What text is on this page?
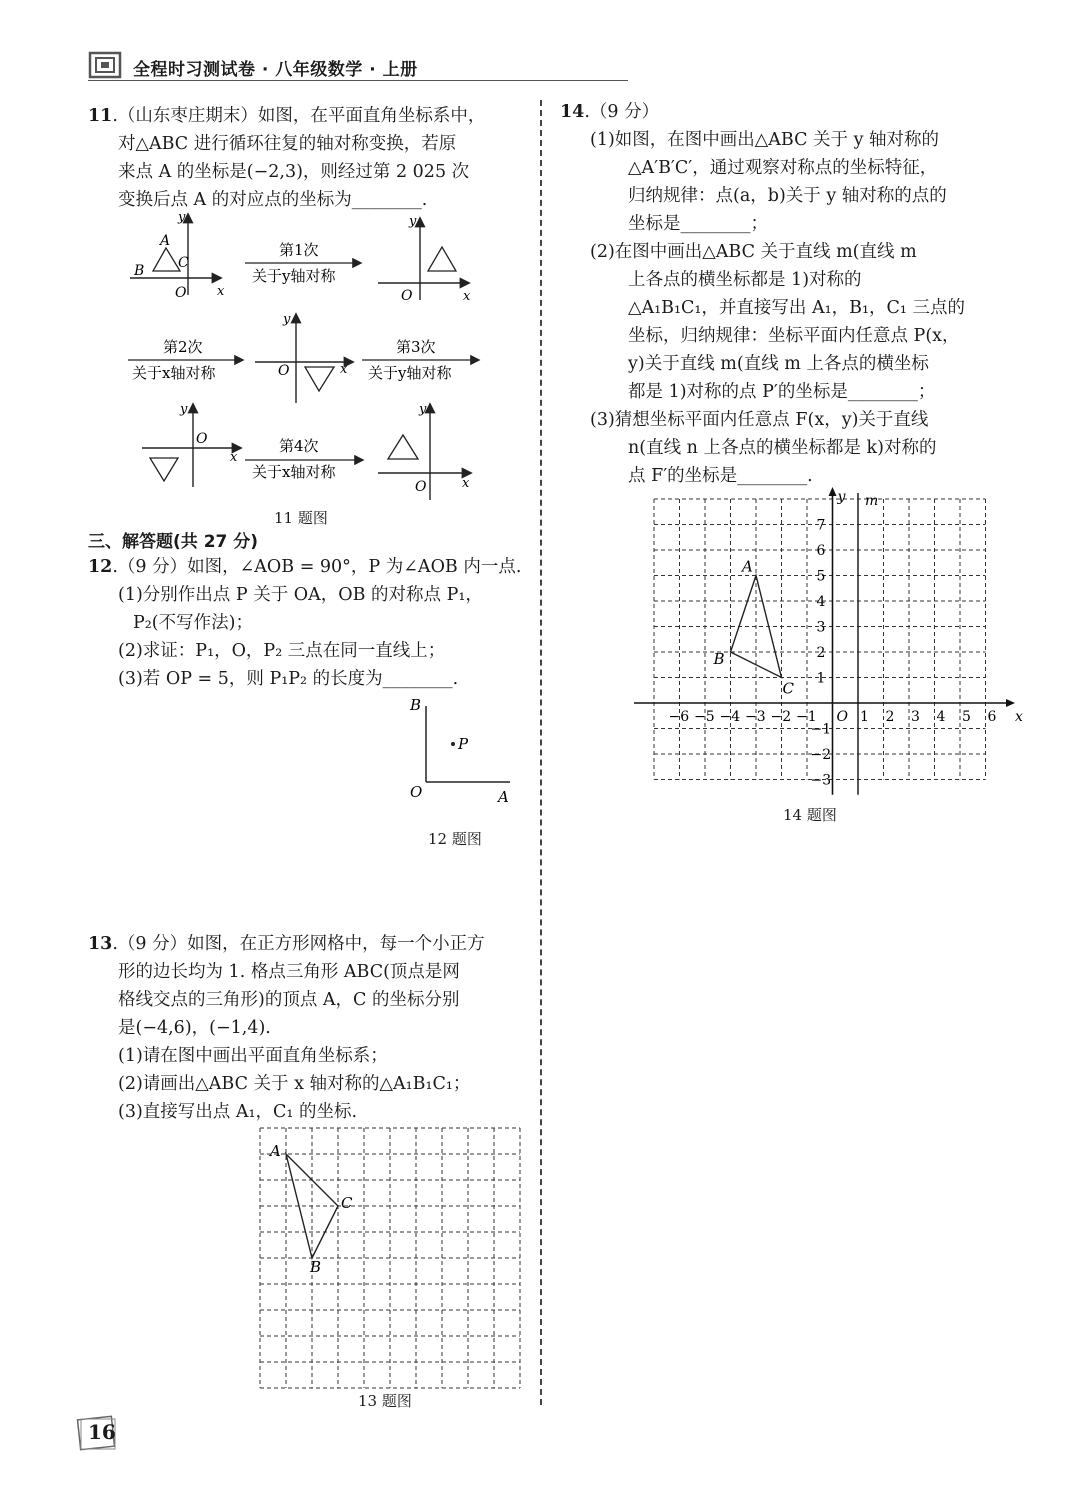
全程时习测试卷 · 八年级数学 · 上册

11.（山东枣庄期末）如图，在平面直角坐标系中，

对△ABC 进行循环往复的轴对称变换，若原

来点 A 的坐标是(−2,3)，则经过第 2 025 次

变换后点 A 的对应点的坐标为________.

y
x
O
A
B C
第1次
关于y轴对称
y
x
O
第2次
关于x轴对称
y
x
O
第3次
关于y轴对称
y
x
O	第4次
关于x轴对称
y
x
O
11 题图
三、解答题(共 27 分)

12.（9 分）如图，∠AOB = 90°，P 为∠AOB 内一点.

(1)分别作出点 P 关于 OA，OB 的对称点 P₁，

P₂(不写作法)；

(2)求证：P₁，O，P₂ 三点在同一直线上；

(3)若 OP = 5，则 P₁P₂ 的长度为________.

B
O	A
P
12 题图

13.（9 分）如图，在正方形网格中，每一个小正方

形的边长均为 1. 格点三角形 ABC(顶点是网

格线交点的三角形)的顶点 A，C 的坐标分别

是(−4,6)，(−1,4).

(1)请在图中画出平面直角坐标系；

(2)请画出△ABC 关于 x 轴对称的△A₁B₁C₁；

(3)直接写出点 A₁，C₁ 的坐标.

A
C
B
13 题图

14.（9 分）

(1)如图，在图中画出△ABC 关于 y 轴对称的

△A′B′C′，通过观察对称点的坐标特征，

归纳规律：点(a，b)关于 y 轴对称的点的

坐标是________；

(2)在图中画出△ABC 关于直线 m(直线 m

上各点的横坐标都是 1)对称的

△A₁B₁C₁，并直接写出 A₁，B₁，C₁ 三点的

坐标，归纳规律：坐标平面内任意点 P(x，

y)关于直线 m(直线 m 上各点的横坐标

都是 1)对称的点 P′的坐标是________；

(3)猜想坐标平面内任意点 F(x，y)关于直线

n(直线 n 上各点的横坐标都是 k)对称的

点 F′的坐标是________.

y m
x
−6 −5 −4 −3 −2 −1 O 1 2 3 4 5 6
1
2
3
4
5
6
7
−1
−2
−3
A
B
C
14 题图
16
